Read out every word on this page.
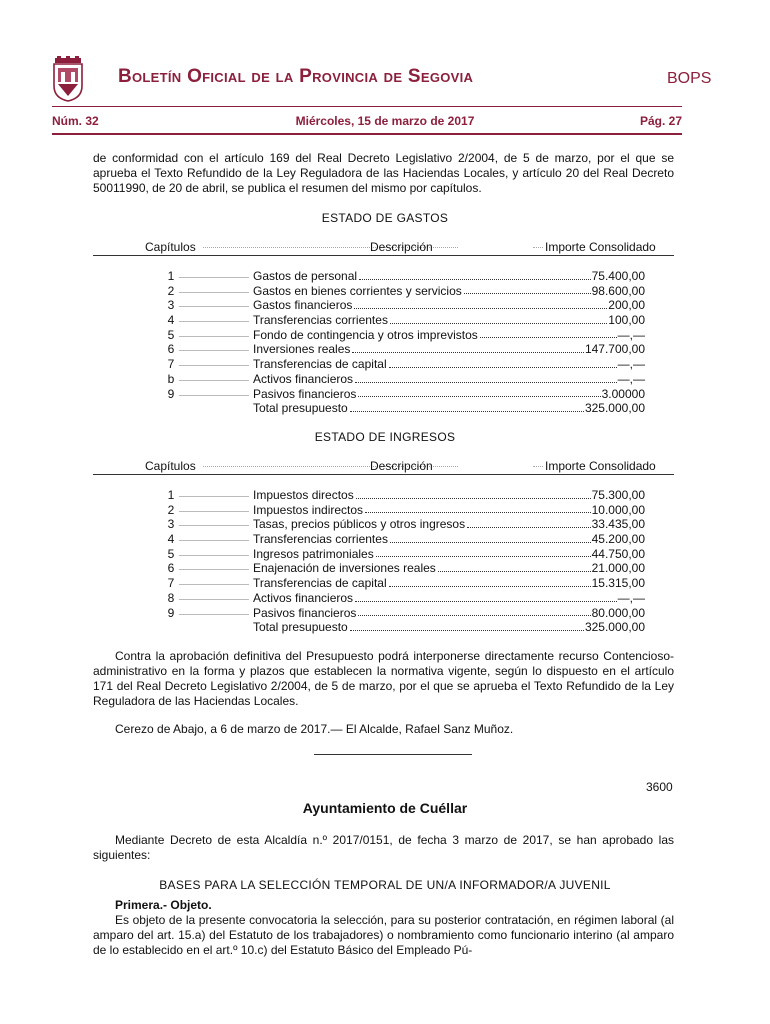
Boletín Oficial de la Provincia de Segovia	BOPS
Núm. 32	Miércoles, 15 de marzo de 2017	Pág. 27
de conformidad con el artículo 169 del Real Decreto Legislativo 2/2004, de 5 de marzo, por el que se aprueba el Texto Refundido de la Ley Reguladora de las Haciendas Locales, y artículo 20 del Real Decreto 50011990, de 20 de abril, se publica el resumen del mismo por capítulos.
ESTADO DE GASTOS
Capítulos	Descripción	Importe Consolidado
1	Gastos de personal	75.400,00
2	Gastos en bienes corrientes y servicios	98.600,00
3	Gastos financieros	200,00
4	Transferencias corrientes	100,00
5	Fondo de contingencia y otros imprevistos	—,—
6	Inversiones reales	147.700,00
7	Transferencias de capital	—,—
b	Activos financieros	—,—
9	Pasivos financieros	3.00000
Total presupuesto	325.000,00
ESTADO DE INGRESOS
Capítulos	Descripción	Importe Consolidado
1	Impuestos directos	75.300,00
2	Impuestos indirectos	10.000,00
3	Tasas, precios públicos y otros ingresos	33.435,00
4	Transferencias corrientes	45.200,00
5	Ingresos patrimoniales	44.750,00
6	Enajenación de inversiones reales	21.000,00
7	Transferencias de capital	15.315,00
8	Activos financieros	—,—
9	Pasivos financieros	80.000,00
Total presupuesto	325.000,00
Contra la aprobación definitiva del Presupuesto podrá interponerse directamente recurso Contencioso-administrativo en la forma y plazos que establecen la normativa vigente, según lo dispuesto en el artículo 171 del Real Decreto Legislativo 2/2004, de 5 de marzo, por el que se aprueba el Texto Refundido de la Ley Reguladora de las Haciendas Locales.
Cerezo de Abajo, a 6 de marzo de 2017.— El Alcalde, Rafael Sanz Muñoz.
3600
Ayuntamiento de Cuéllar
Mediante Decreto de esta Alcaldía n.º 2017/0151, de fecha 3 marzo de 2017, se han aprobado las siguientes:
BASES PARA LA SELECCIÓN TEMPORAL DE UN/A INFORMADOR/A JUVENIL
Primera.- Objeto.
Es objeto de la presente convocatoria la selección, para su posterior contratación, en régimen laboral (al amparo del art. 15.a) del Estatuto de los trabajadores) o nombramiento como funcionario interino (al amparo de lo establecido en el art.º 10.c) del Estatuto Básico del Empleado Pú-
